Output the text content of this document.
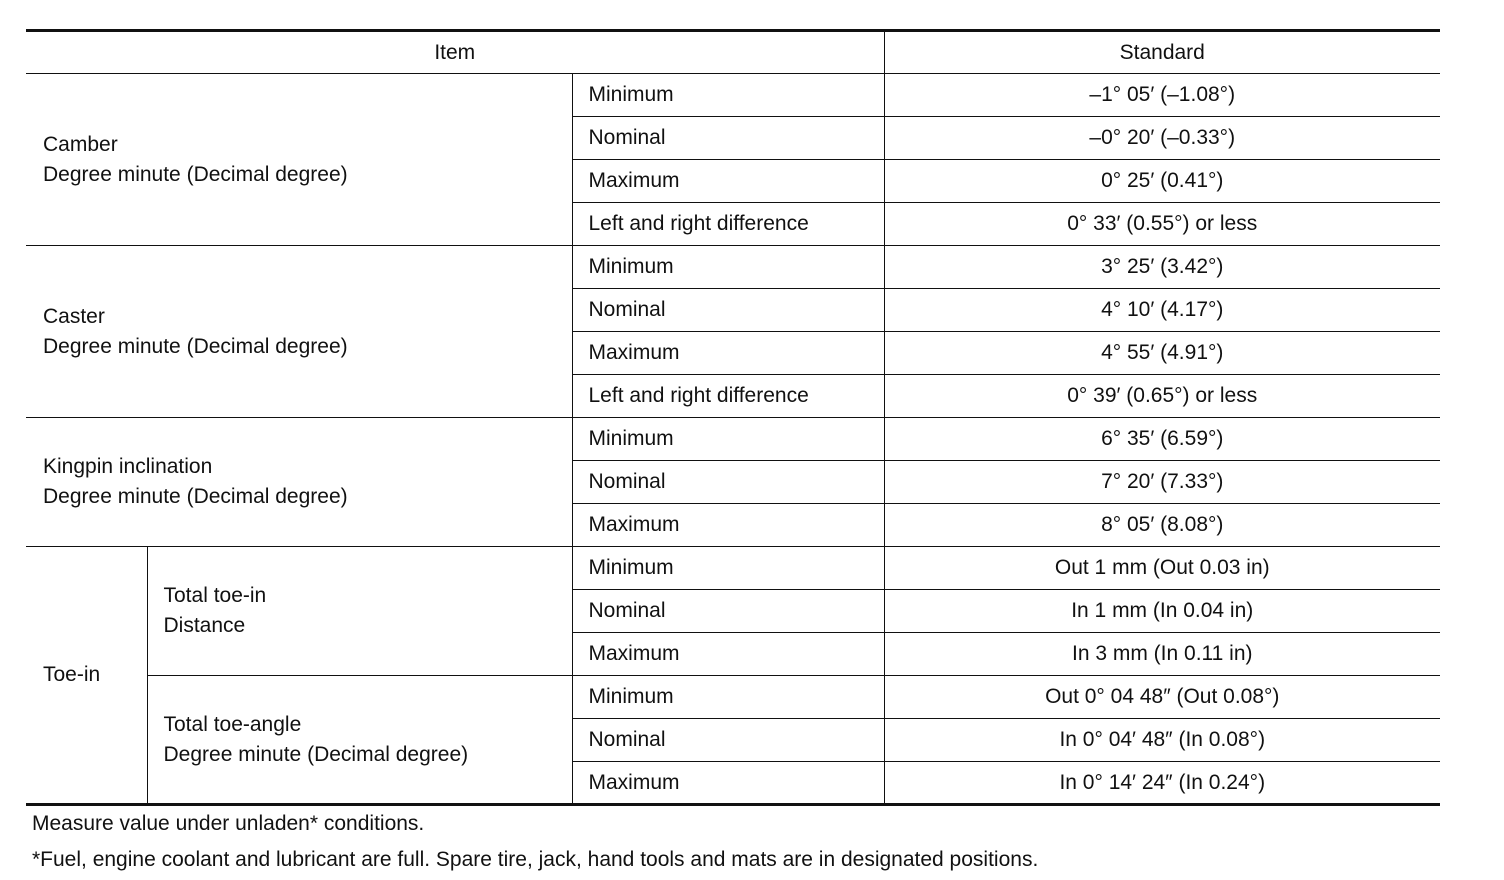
Item			Standard

Camber
Degree minute (Decimal degree)		Minimum	–1° 05′ (–1.08°)
		Nominal	–0° 20′ (–0.33°)
		Maximum	0° 25′ (0.41°)
		Left and right difference	0° 33′ (0.55°) or less

Caster
Degree minute (Decimal degree)		Minimum	3° 25′ (3.42°)
		Nominal	4° 10′ (4.17°)
		Maximum	4° 55′ (4.91°)
		Left and right difference	0° 39′ (0.65°) or less

Kingpin inclination
Degree minute (Decimal degree)		Minimum	6° 35′ (6.59°)
		Nominal	7° 20′ (7.33°)
		Maximum	8° 05′ (8.08°)
Toe-in	Total toe-in
Distance	Minimum	Out 1 mm (Out 0.03 in)
		Nominal	In 1 mm (In 0.04 in)
		Maximum	In 3 mm (In 0.11 in)

	Total toe-angle
Degree minute (Decimal degree)	Minimum	Out 0° 04 48″ (Out 0.08°)
		Nominal	In 0° 04′ 48″ (In 0.08°)
		Maximum	In 0° 14′ 24″ (In 0.24°)
Measure value under unladen* conditions.
*Fuel, engine coolant and lubricant are full. Spare tire, jack, hand tools and mats are in designated positions.
